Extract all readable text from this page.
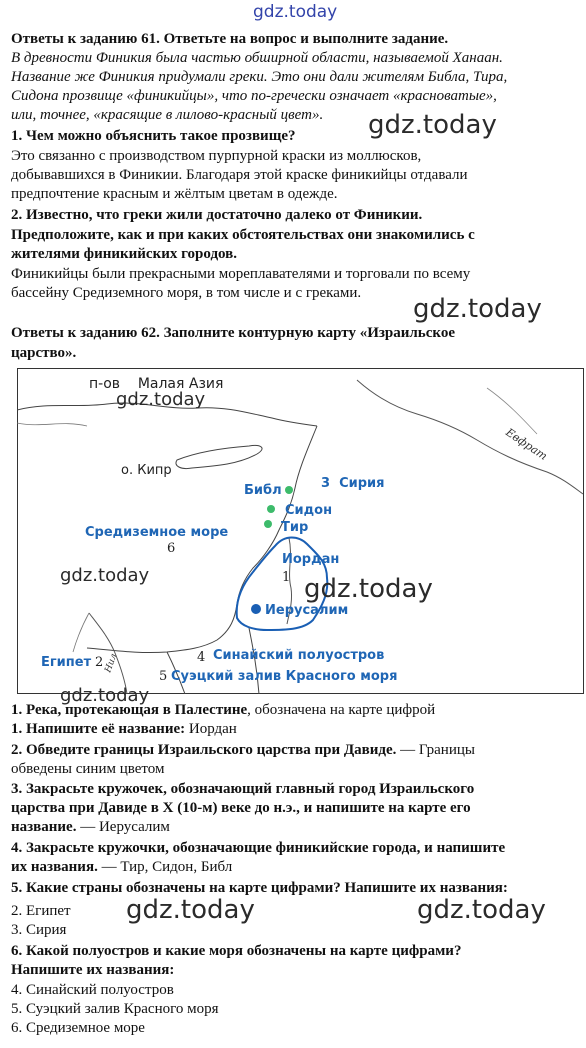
gdz.today
gdz.today
gdz.today
Ответы к заданию 61. Ответьте на вопрос и выполните задание.
В древности Финикия была частью обширной области, называемой Ханаан.
Название же Финикия придумали греки. Это они дали жителям Библа, Тира,
Сидона прозвище «финикийцы», что по-гречески означает «красноватые»,
или, точнее, «красящие в лилово-красный цвет».
1. Чем можно объяснить такое прозвище?
Это связанно с производством пурпурной краски из моллюсков,
добывавшихся в Финикии. Благодаря этой краске финикийцы отдавали
предпочтение красным и жёлтым цветам в одежде.
2. Известно, что греки жили достаточно далеко от Финикии.
Предположите, как и при каких обстоятельствах они знакомились с
жителями финикийских городов.
Финикийцы были прекрасными мореплавателями и торговали по всему
бассейну Средиземного моря, в том числе и с греками.
Ответы к заданию 62. Заполните контурную карту «Израильское
царство».
п-ов    Малая Азия
о. Кипр
Евфрат
Библ	3  Сирия
Сидон
Тир
Средиземное море
6
Иордан
1
Иерусалим
Египет 2 Нил	4 Синайский полуостров
5 Суэцкий залив Красного моря
gdz.today
gdz.today	gdz.today
gdz.today
1. Река, протекающая в Палестине, обозначена на карте цифрой
1. Напишите её название: Иордан
2. Обведите границы Израильского царства при Давиде. — Границы
обведены синим цветом
3. Закрасьте кружочек, обозначающий главный город Израильского
царства при Давиде в X (10-м) веке до н.э., и напишите на карте его
название. — Иерусалим
4. Закрасьте кружочки, обозначающие финикийские города, и напишите
их названия. — Тир, Сидон, Библ
5. Какие страны обозначены на карте цифрами? Напишите их названия:
2. Египет
3. Сирия
gdz.today	gdz.today
6. Какой полуостров и какие моря обозначены на карте цифрами?
Напишите их названия:
4. Синайский полуостров
5. Суэцкий залив Красного моря
6. Средиземное море
